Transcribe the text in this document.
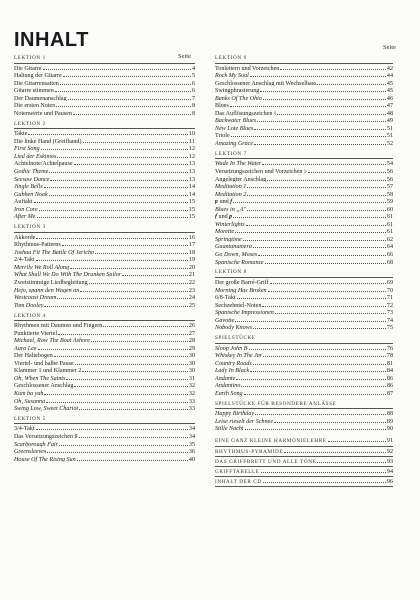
INHALT
Seite
Seite
LEKTION 1
Die Gitarre	4
Haltung der Gitarre	5
Die Gitarrensaiten	6
Gitarre stimmen	6
Der Daumenanschlag	7
Die ersten Noten	8
Notenwerte und Pausen	8
LEKTION 2
Takte	10
Die linke Hand (Greifhand)	11
First Song	12
Lied der Eskimos	12
Achtelnote/Achtelpause	13
Gothic Theme	13
Seesaw Dance	13
Jingle Bells	14
Gubben Noak	14
Auftakt	15
Iron Core	15
After Me	15
LEKTION 3
Akkorde	16
Rhythmus-Patterns	17
Joshua Fit The Battle Of Jericho	18
2/4-Takt	19
Merrily We Roll Along	20
What Shall We Do With The Drunken Sailor	21
Zweistimmige Liedbegleitung	22
Hejo, spann den Wagen an	23
Westcoast Dream	24
Tom Dooley	25
LEKTION 4
Rhythmen mit Daumen und Fingern	26
Punktierte Viertel	27
Michael, Row The Boat Ashore	28
Aura Lee	29
Der Haltebogen	30
Viertel- und halbe Pause	30
Klammer 1 und Klammer 2	30
Oh, When The Saints	31
Geschlossener Anschlag	32
Kum ba yah	32
Oh, Susanna	33
Swing Low, Sweet Chariot	33
LEKTION 5
3/4-Takt	34
Das Versetzungszeichen ♯	34
Scarborough Fair	35
Greensleeves	36
House Of The Rising Sun	40
LEKTION 6
Tonleitern und Vorzeichen	42
Rock My Soul	44
Geschlossener Anschlag mit Wechselbass	45
Swingphrasierung	45
Banks Of The Ohio	46
Blues	47
Das Auflösungszeichen ♮	48
Backwater Blues	49
New Lote Blues	51
Triole	51
Amazing Grace	52
LEKTION 7
Wade In The Water	54
Versetzungszeichen und Vorzeichen ♭	56
Angelegter Anschlag	56
Meditation 1	57
Meditation 2	58
𝆏 und 𝆑	59
Blues in „A"	60
𝆑 und 𝆏	61
Winterlights	61
Morette	61
Springtime	62
Guantanamera	64
Go Down, Moses	66
Spanische Romanze	68
LEKTION 8
Der große Barré-Griff	69
Morning Has Broken	70
6/8-Takt	71
Sechzehntel-Noten	72
Spanische Impressionen	73
Gavotte	74
Nobody Knows	75
SPIELSTÜCKE
Sloop John B	76
Whiskey In The Jar	78
Country Roads	81
Lady In Black	84
Andante	86
Andantino	86
Earth Song	87
SPIELSTÜCKE FÜR BESONDERE ANLÄSSE
Happy Birthday	88
Leise rieselt der Schnee	89
Stille Nacht	90
EINE GANZ KLEINE HARMONIELEHRE	91
RHYTHMUS-PYRAMIDE	92
DAS GRIFFBRETT UND ALLE TÖNE	93
GRIFFTABELLE	94
INHALT DER CD	96
